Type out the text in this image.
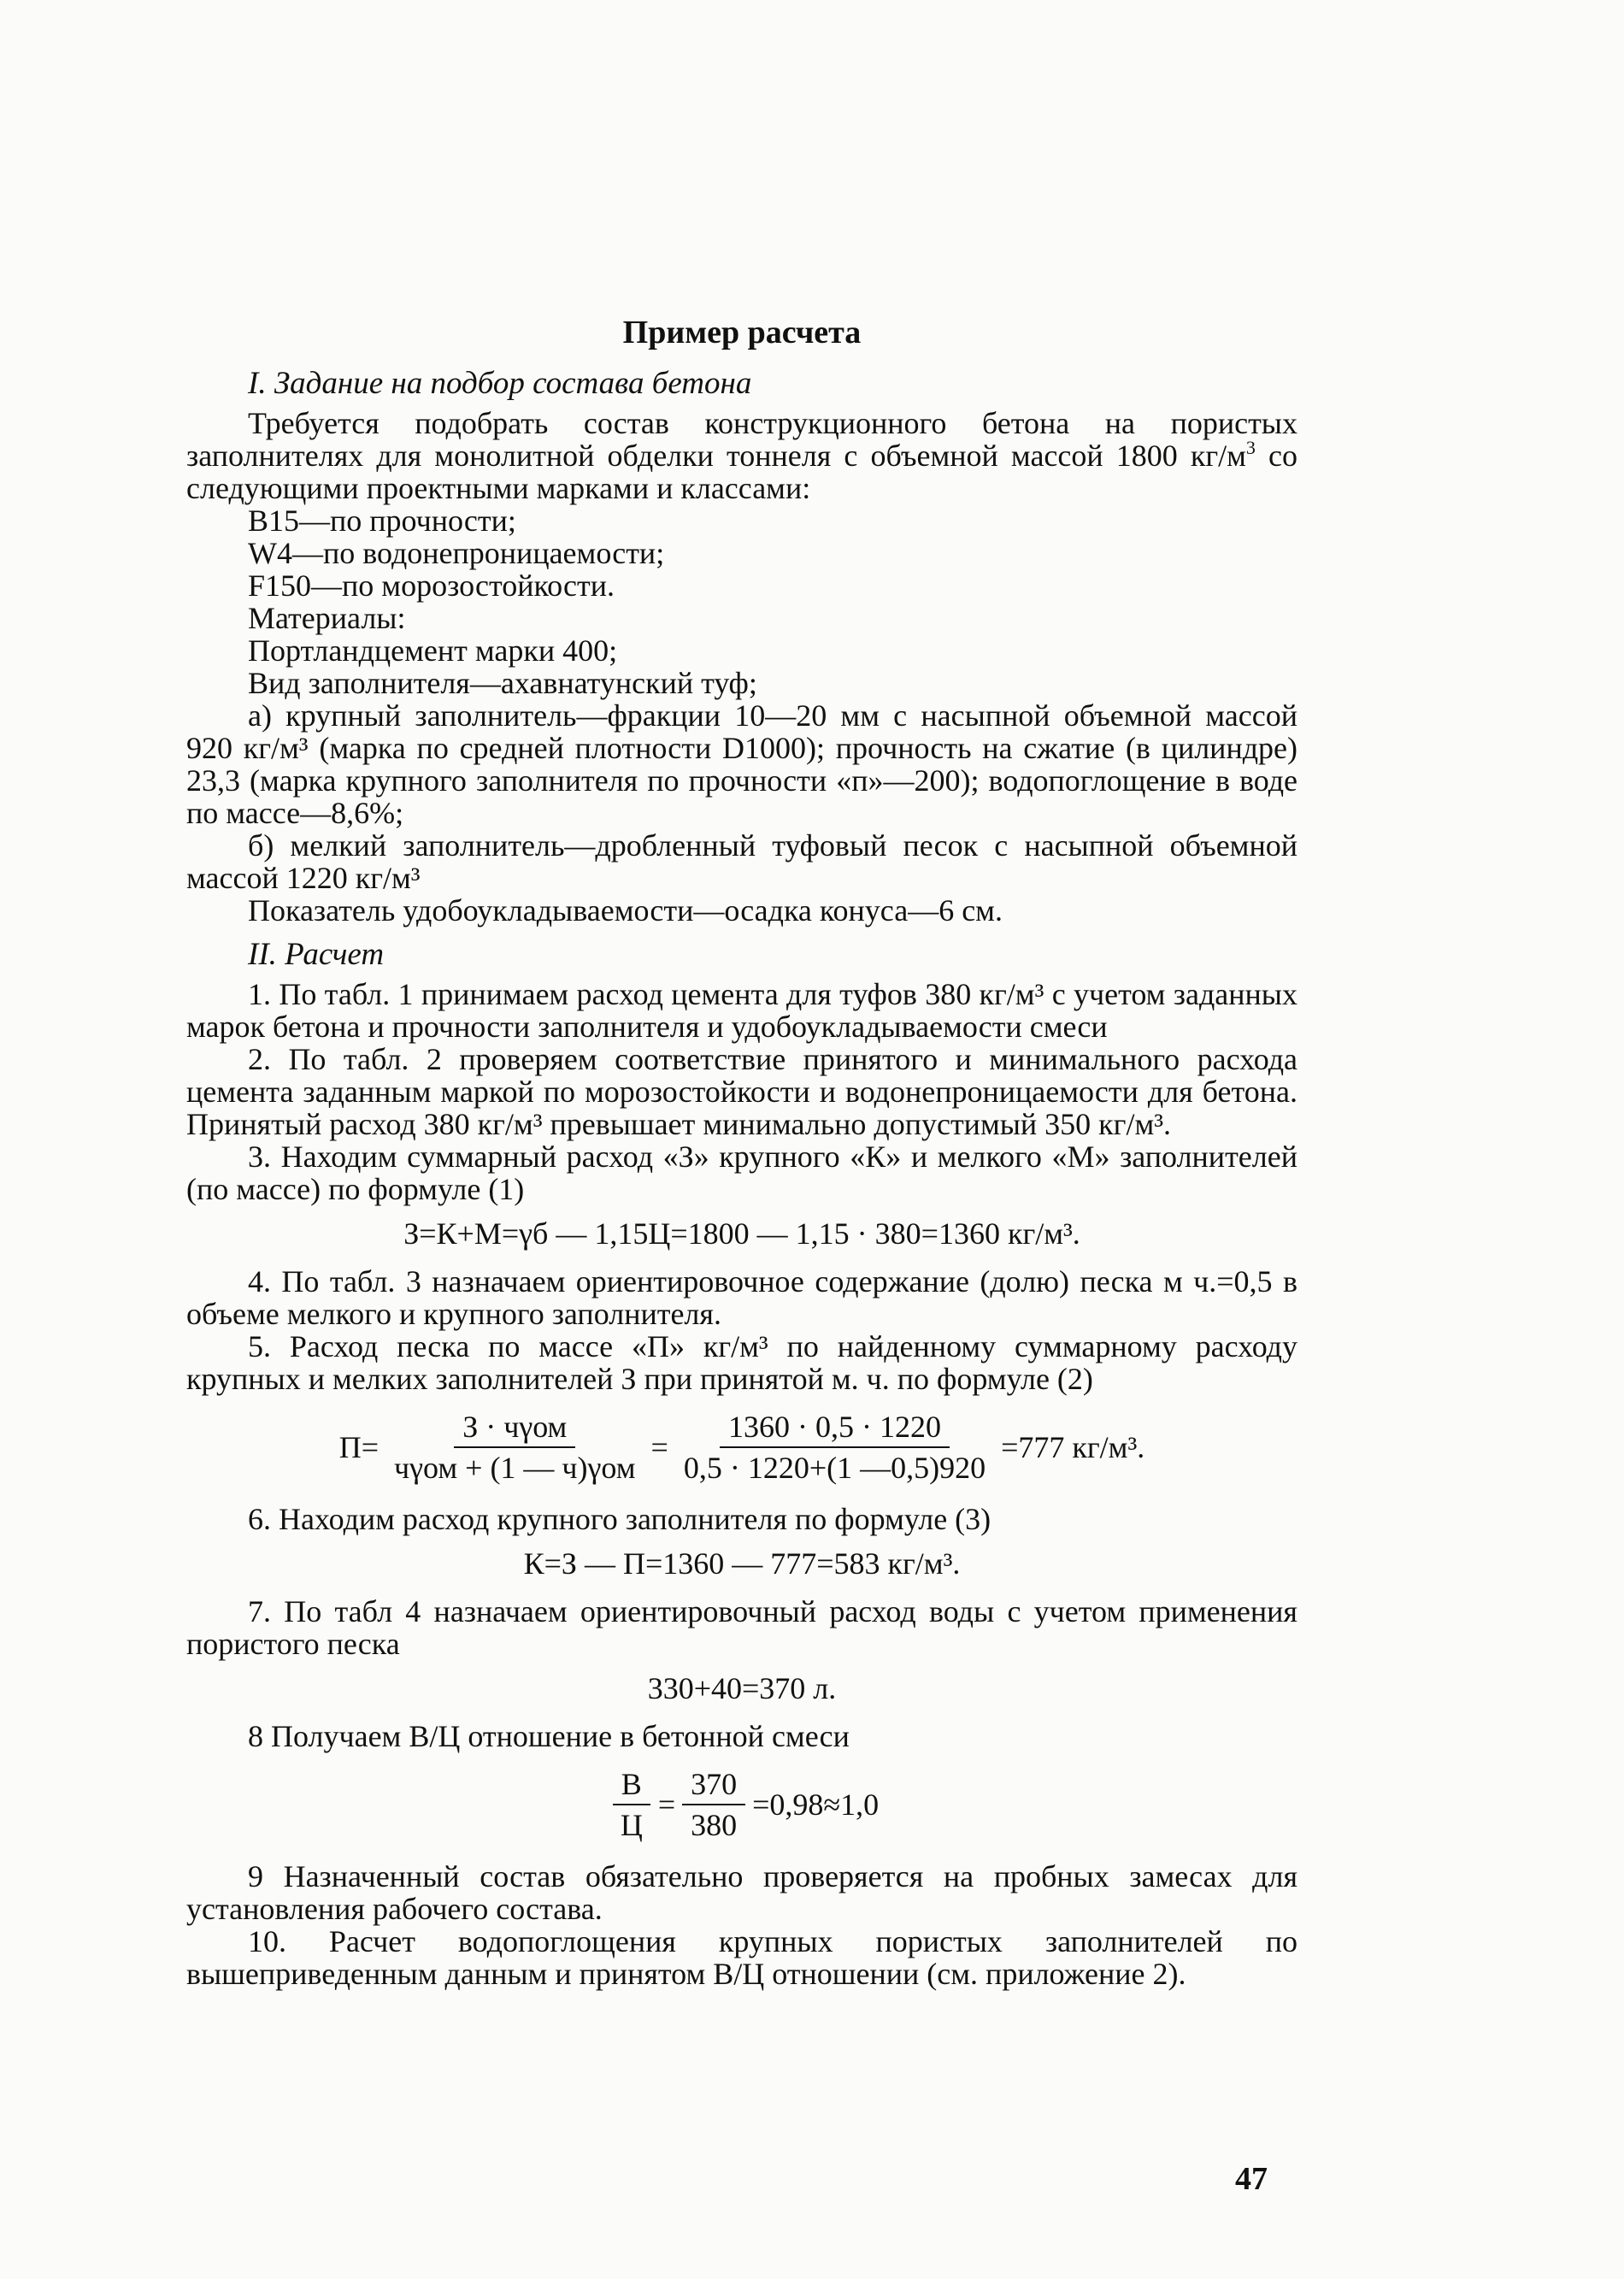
Пример расчета
I. Задание на подбор состава бетона

Требуется подобрать состав конструкционного бетона на пористых заполнителях для монолитной обделки тоннеля с объемной массой 1800 $кг/м^3$ со следующими проектными марками и классами:

В15—по прочности;

W4—по водонепроницаемости;

F150—по морозостойкости.

Материалы:

Портландцемент марки 400;

Вид заполнителя—ахавнатунский туф;

а) крупный заполнитель—фракции 10—20 мм с насыпной объемной массой 920 кг/м³ (марка по средней плотности D1000); прочность на сжатие (в цилиндре) 23,3 (марка крупного заполнителя по прочности «п»—200); водопоглощение в воде по массе—8,6%;

б) мелкий заполнитель—дробленный туфовый песок с насыпной объемной массой 1220 кг/м³

Показатель удобоукладываемости—осадка конуса—6 см.

II. Расчет

1. По табл. 1 принимаем расход цемента для туфов 380 кг/м³ с учетом заданных марок бетона и прочности заполнителя и удобоукладываемости смеси

2. По табл. 2 проверяем соответствие принятого и минимального расхода цемента заданным маркой по морозостойкости и водонепроницаемости для бетона. Принятый расход 380 кг/м³ превышает минимально допустимый 350 кг/м³.

3. Находим суммарный расход «З» крупного «К» и мелкого «М» заполнителей (по массе) по формуле (1)

З=К+М=γб — 1,15Ц=1800 — 1,15 · 380=1360 кг/м³.

4. По табл. 3 назначаем ориентировочное содержание (долю) песка м ч.=0,5 в объеме мелкого и крупного заполнителя.

5. Расход песка по массе «П» кг/м³ по найденному суммарному расходу крупных и мелких заполнителей З при принятой м. ч. по формуле (2)

$П= \frac{\text{З · чγом}}{\text{чγом + (1 — ч)γом}} = \frac{1360 \cdot 0,5 \cdot 1220}{0,5 \cdot 1220+(1 —0,5)920} =777$ кг/м³.

6. Находим расход крупного заполнителя по формуле (3)

К=З — П=1360 — 777=583 кг/м³.

7. По табл 4 назначаем ориентировочный расход воды с учетом применения пористого песка

330+40=370 л.

8 Получаем В/Ц отношение в бетонной смеси

$\frac{В}{Ц} = \frac{370}{380} =0,98\approx 1,0$

9 Назначенный состав обязательно проверяется на пробных замесах для установления рабочего состава.

10. Расчет водопоглощения крупных пористых заполнителей по вышеприведенным данным и принятом В/Ц отношении (см. приложение 2).

47
